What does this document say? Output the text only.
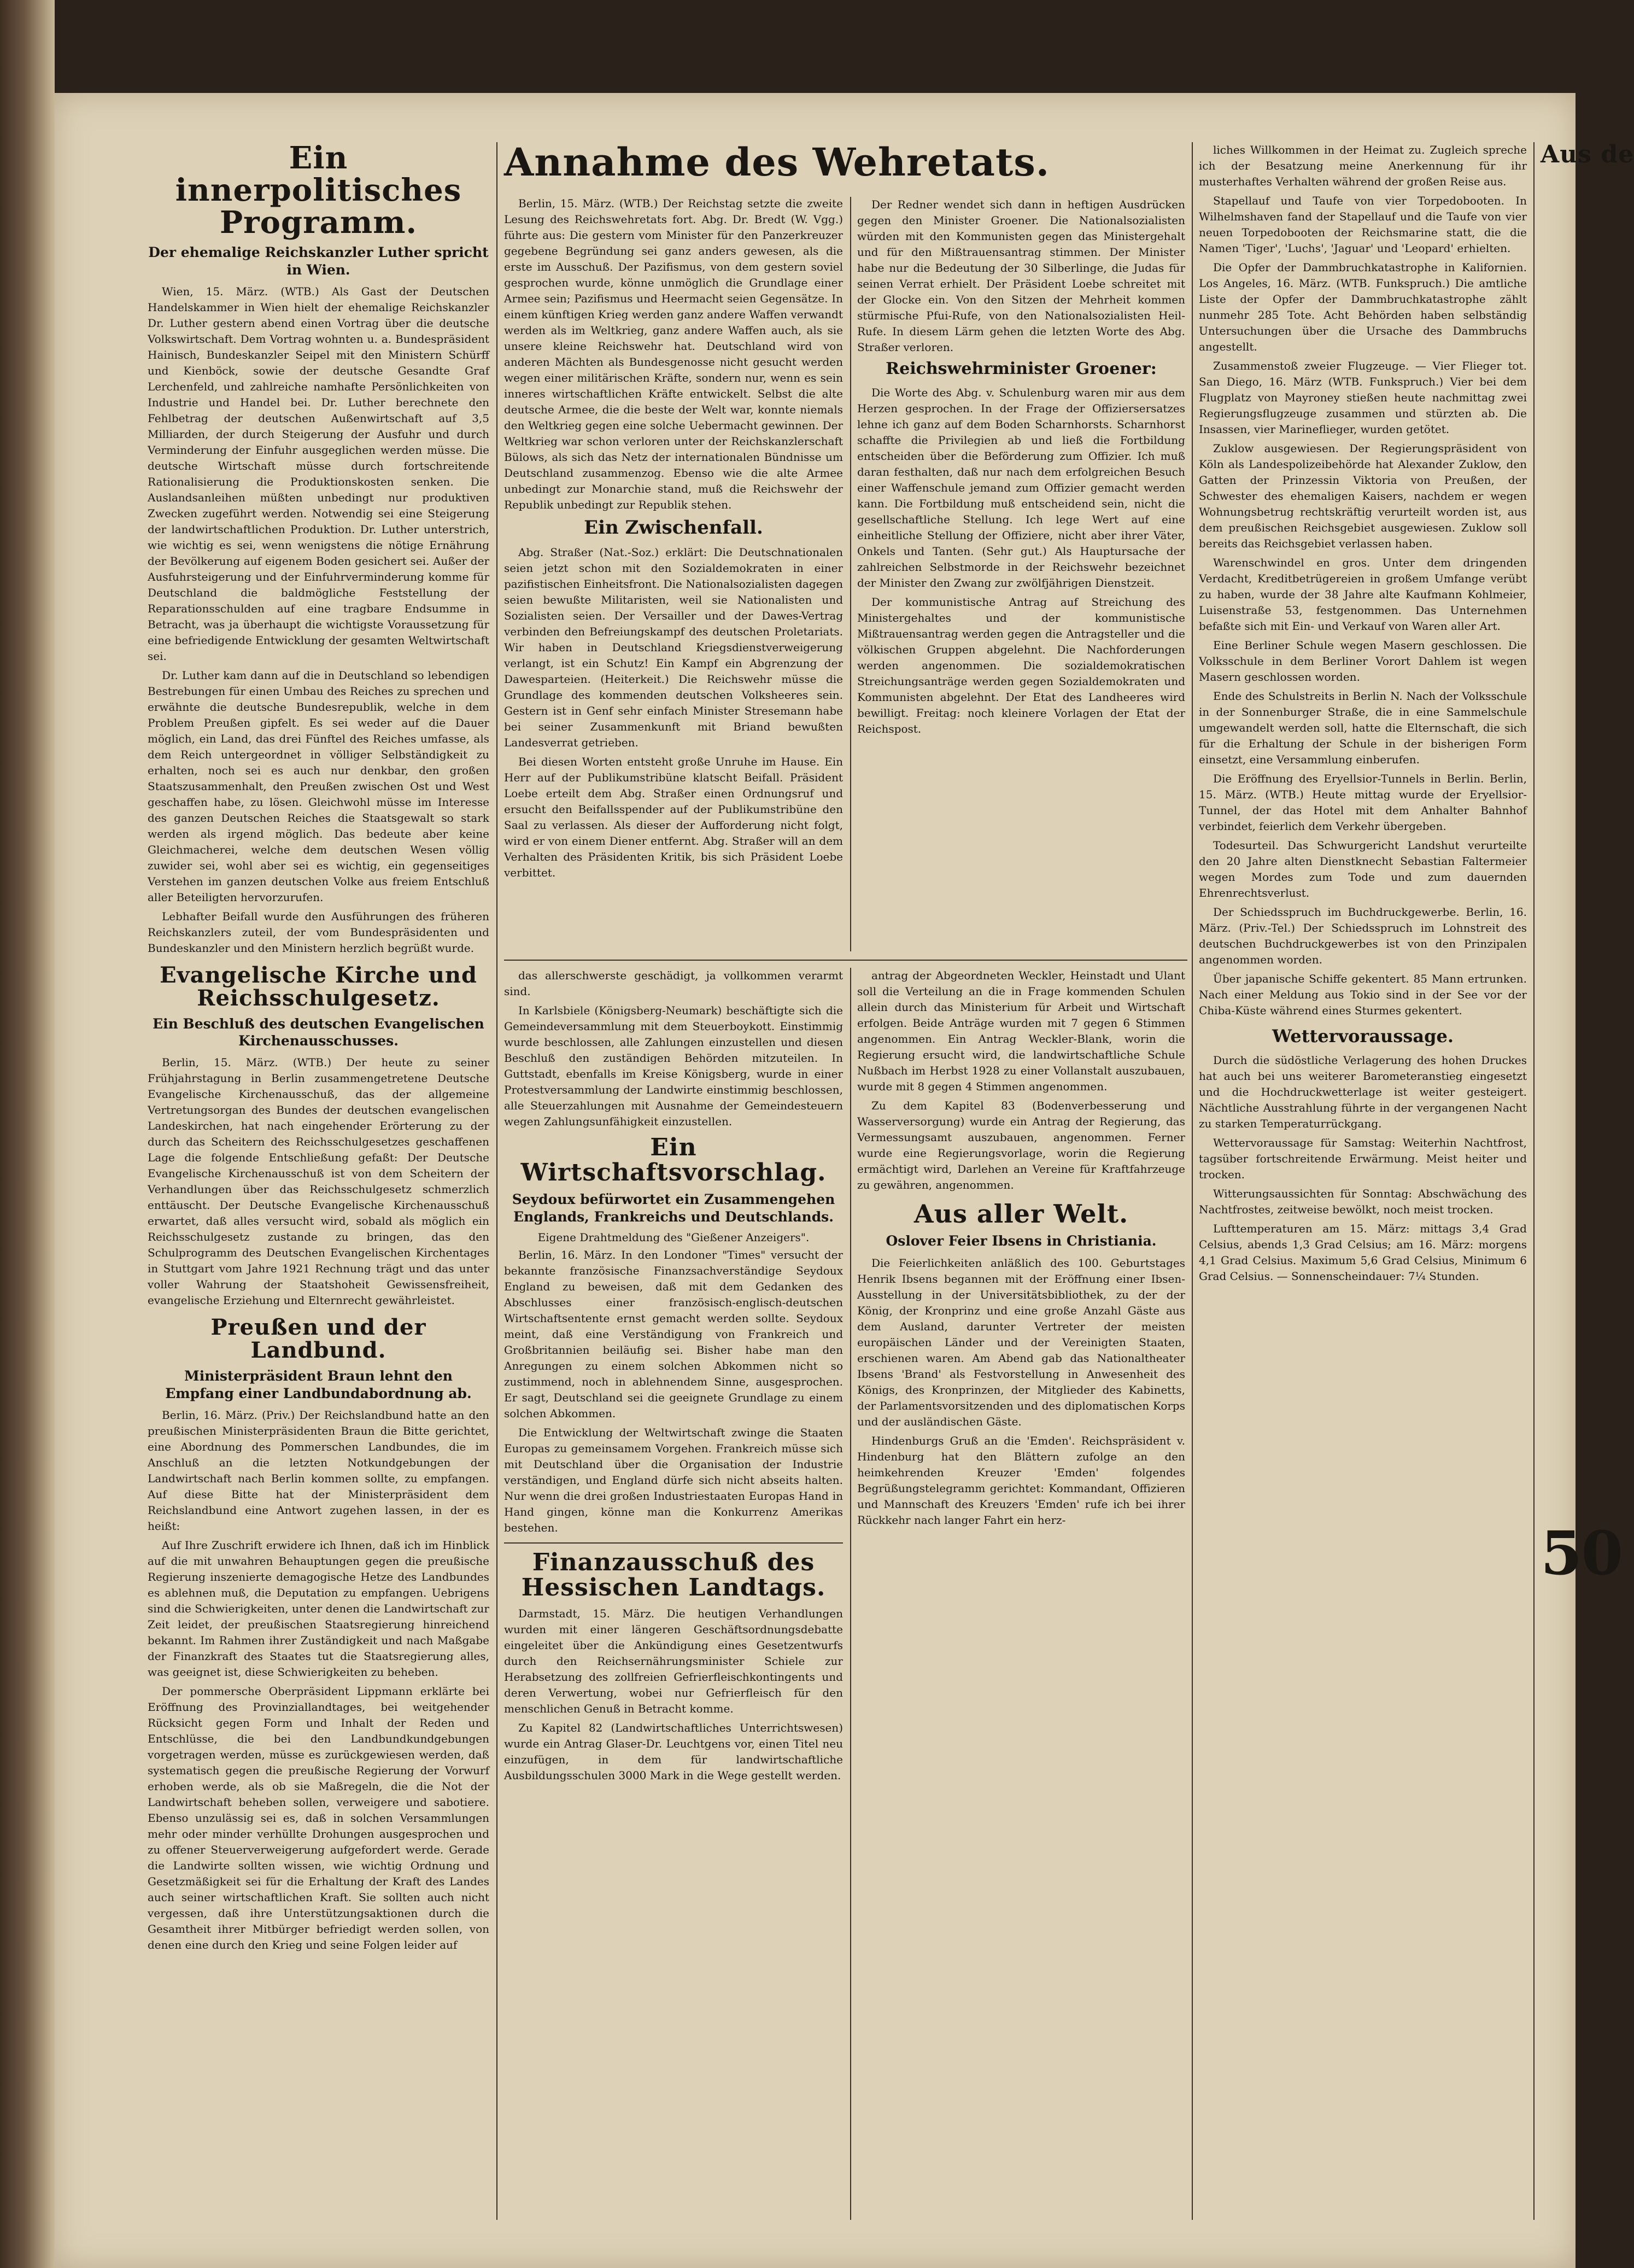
Ein innerpolitisches Programm.
Der ehemalige Reichskanzler Luther spricht in Wien.

Wien, 15. März. (WTB.) Als Gast der Deutschen Handelskammer in Wien hielt der ehemalige Reichskanzler Dr. Luther gestern abend einen Vortrag über die deutsche Volkswirtschaft. Dem Vortrag wohnten u. a. Bundespräsident Hainisch, Bundeskanzler Seipel mit den Ministern Schürff und Kienböck, sowie der deutsche Gesandte Graf Lerchenfeld, und zahlreiche namhafte Persönlichkeiten von Industrie und Handel bei. Dr. Luther berechnete den Fehlbetrag der deutschen Außenwirtschaft auf 3,5 Milliarden, der durch Steigerung der Ausfuhr und durch Verminderung der Einfuhr ausgeglichen werden müsse. Die deutsche Wirtschaft müsse durch fortschreitende Rationalisierung die Produktionskosten senken. Die Auslandsanleihen müßten unbedingt nur produktiven Zwecken zugeführt werden. Notwendig sei eine Steigerung der landwirtschaftlichen Produktion. Dr. Luther unterstrich, wie wichtig es sei, wenn wenigstens die nötige Ernährung der Bevölkerung auf eigenem Boden gesichert sei. Außer der Ausfuhrsteigerung und der Einfuhrverminderung komme für Deutschland die baldmögliche Feststellung der Reparationsschulden auf eine tragbare Endsumme in Betracht, was ja überhaupt die wichtigste Voraussetzung für eine befriedigende Entwicklung der gesamten Weltwirtschaft sei.

Dr. Luther kam dann auf die in Deutschland so lebendigen Bestrebungen für einen Umbau des Reiches zu sprechen und erwähnte die deutsche Bundesrepublik, welche in dem Problem Preußen gipfelt. Es sei weder auf die Dauer möglich, ein Land, das drei Fünftel des Reiches umfasse, als dem Reich untergeordnet in völliger Selbständigkeit zu erhalten, noch sei es auch nur denkbar, den großen Staatszusammenhalt, den Preußen zwischen Ost und West geschaffen habe, zu lösen. Gleichwohl müsse im Interesse des ganzen Deutschen Reiches die Staatsgewalt so stark werden als irgend möglich. Das bedeute aber keine Gleichmacherei, welche dem deutschen Wesen völlig zuwider sei, wohl aber sei es wichtig, ein gegenseitiges Verstehen im ganzen deutschen Volke aus freiem Entschluß aller Beteiligten hervorzurufen.

Lebhafter Beifall wurde den Ausführungen des früheren Reichskanzlers zuteil, der vom Bundespräsidenten und Bundeskanzler und den Ministern herzlich begrüßt wurde.

Evangelische Kirche und Reichsschulgesetz.
Ein Beschluß des deutschen Evangelischen Kirchenausschusses.

Berlin, 15. März. (WTB.) Der heute zu seiner Frühjahrstagung in Berlin zusammengetretene Deutsche Evangelische Kirchenausschuß, das der allgemeine Vertretungsorgan des Bundes der deutschen evangelischen Landeskirchen, hat nach eingehender Erörterung zu der durch das Scheitern des Reichsschulgesetzes geschaffenen Lage die folgende Entschließung gefaßt: Der Deutsche Evangelische Kirchenausschuß ist von dem Scheitern der Verhandlungen über das Reichsschulgesetz schmerzlich enttäuscht. Der Deutsche Evangelische Kirchenausschuß erwartet, daß alles versucht wird, sobald als möglich ein Reichsschulgesetz zustande zu bringen, das den Schulprogramm des Deutschen Evangelischen Kirchentages in Stuttgart vom Jahre 1921 Rechnung trägt und das unter voller Wahrung der Staatshoheit Gewissensfreiheit, evangelische Erziehung und Elternrecht gewährleistet.

Preußen und der Landbund.
Ministerpräsident Braun lehnt den Empfang einer Landbundabordnung ab.

Berlin, 16. März. (Priv.) Der Reichslandbund hatte an den preußischen Ministerpräsidenten Braun die Bitte gerichtet, eine Abordnung des Pommerschen Landbundes, die im Anschluß an die letzten Notkundgebungen der Landwirtschaft nach Berlin kommen sollte, zu empfangen. Auf diese Bitte hat der Ministerpräsident dem Reichslandbund eine Antwort zugehen lassen, in der es heißt:

Auf Ihre Zuschrift erwidere ich Ihnen, daß ich im Hinblick auf die mit unwahren Behauptungen gegen die preußische Regierung inszenierte demagogische Hetze des Landbundes es ablehnen muß, die Deputation zu empfangen. Uebrigens sind die Schwierigkeiten, unter denen die Landwirtschaft zur Zeit leidet, der preußischen Staatsregierung hinreichend bekannt. Im Rahmen ihrer Zuständigkeit und nach Maßgabe der Finanzkraft des Staates tut die Staatsregierung alles, was geeignet ist, diese Schwierigkeiten zu beheben.

Der pommersche Oberpräsident Lippmann erklärte bei Eröffnung des Provinziallandtages, bei weitgehender Rücksicht gegen Form und Inhalt der Reden und Entschlüsse, die bei den Landbundkundgebungen vorgetragen werden, müsse es zurückgewiesen werden, daß systematisch gegen die preußische Regierung der Vorwurf erhoben werde, als ob sie Maßregeln, die die Not der Landwirtschaft beheben sollen, verweigere und sabotiere. Ebenso unzulässig sei es, daß in solchen Versammlungen mehr oder minder verhüllte Drohungen ausgesprochen und zu offener Steuerverweigerung aufgefordert werde. Gerade die Landwirte sollten wissen, wie wichtig Ordnung und Gesetzmäßigkeit sei für die Erhaltung der Kraft des Landes auch seiner wirtschaftlichen Kraft. Sie sollten auch nicht vergessen, daß ihre Unterstützungsaktionen durch die Gesamtheit ihrer Mitbürger befriedigt werden sollen, von denen eine durch den Krieg und seine Folgen leider auf

Annahme des Wehretats.

Berlin, 15. März. (WTB.) Der Reichstag setzte die zweite Lesung des Reichswehretats fort. Abg. Dr. Bredt (W. Vgg.) führte aus: Die gestern vom Minister für den Panzerkreuzer gegebene Begründung sei ganz anders gewesen, als die erste im Ausschuß. Der Pazifismus, von dem gestern soviel gesprochen wurde, könne unmöglich die Grundlage einer Armee sein; Pazifismus und Heermacht seien Gegensätze. In einem künftigen Krieg werden ganz andere Waffen verwandt werden als im Weltkrieg, ganz andere Waffen auch, als sie unsere kleine Reichswehr hat. Deutschland wird von anderen Mächten als Bundesgenosse nicht gesucht werden wegen einer militärischen Kräfte, sondern nur, wenn es sein inneres wirtschaftlichen Kräfte entwickelt. Selbst die alte deutsche Armee, die die beste der Welt war, konnte niemals den Weltkrieg gegen eine solche Uebermacht gewinnen. Der Weltkrieg war schon verloren unter der Reichskanzlerschaft Bülows, als sich das Netz der internationalen Bündnisse um Deutschland zusammenzog. Ebenso wie die alte Armee unbedingt zur Monarchie stand, muß die Reichswehr der Republik unbedingt zur Republik stehen.

Ein Zwischenfall.

Abg. Straßer (Nat.-Soz.) erklärt: Die Deutschnationalen seien jetzt schon mit den Sozialdemokraten in einer pazifistischen Einheitsfront. Die Nationalsozialisten dagegen seien bewußte Militaristen, weil sie Nationalisten und Sozialisten seien. Der Versailler und der Dawes-Vertrag verbinden den Befreiungskampf des deutschen Proletariats. Wir haben in Deutschland Kriegsdienstverweigerung verlangt, ist ein Schutz! Ein Kampf ein Abgrenzung der Dawesparteien. (Heiterkeit.) Die Reichswehr müsse die Grundlage des kommenden deutschen Volksheeres sein. Gestern ist in Genf sehr einfach Minister Stresemann habe bei seiner Zusammenkunft mit Briand bewußten Landesverrat getrieben.

Bei diesen Worten entsteht große Unruhe im Hause. Ein Herr auf der Publikumstribüne klatscht Beifall. Präsident Loebe erteilt dem Abg. Straßer einen Ordnungsruf und ersucht den Beifallsspender auf der Publikumstribüne den Saal zu verlassen. Als dieser der Aufforderung nicht folgt, wird er von einem Diener entfernt. Abg. Straßer will an dem Verhalten des Präsidenten Kritik, bis sich Präsident Loebe verbittet.

Der Redner wendet sich dann in heftigen Ausdrücken gegen den Minister Groener. Die Nationalsozialisten würden mit den Kommunisten gegen das Ministergehalt und für den Mißtrauensantrag stimmen. Der Minister habe nur die Bedeutung der 30 Silberlinge, die Judas für seinen Verrat erhielt. Der Präsident Loebe schreitet mit der Glocke ein. Von den Sitzen der Mehrheit kommen stürmische Pfui-Rufe, von den Nationalsozialisten Heil-Rufe. In diesem Lärm gehen die letzten Worte des Abg. Straßer verloren.

Reichswehrminister Groener:

Die Worte des Abg. v. Schulenburg waren mir aus dem Herzen gesprochen. In der Frage der Offiziersersatzes lehne ich ganz auf dem Boden Scharnhorsts. Scharnhorst schaffte die Privilegien ab und ließ die Fortbildung entscheiden über die Beförderung zum Offizier. Ich muß daran festhalten, daß nur nach dem erfolgreichen Besuch einer Waffenschule jemand zum Offizier gemacht werden kann. Die Fortbildung muß entscheidend sein, nicht die gesellschaftliche Stellung. Ich lege Wert auf eine einheitliche Stellung der Offiziere, nicht aber ihrer Väter, Onkels und Tanten. (Sehr gut.) Als Hauptursache der zahlreichen Selbstmorde in der Reichswehr bezeichnet der Minister den Zwang zur zwölfjährigen Dienstzeit.

Der kommunistische Antrag auf Streichung des Ministergehaltes und der kommunistische Mißtrauensantrag werden gegen die Antragsteller und die völkischen Gruppen abgelehnt. Die Nachforderungen werden angenommen. Die sozialdemokratischen Streichungsanträge werden gegen Sozialdemokraten und Kommunisten abgelehnt. Der Etat des Landheeres wird bewilligt. Freitag: noch kleinere Vorlagen der Etat der Reichspost.

das allerschwerste geschädigt, ja vollkommen verarmt sind.

In Karlsbiele (Königsberg-Neumark) beschäftigte sich die Gemeindeversammlung mit dem Steuerboykott. Einstimmig wurde beschlossen, alle Zahlungen einzustellen und diesen Beschluß den zuständigen Behörden mitzuteilen. In Guttstadt, ebenfalls im Kreise Königsberg, wurde in einer Protestversammlung der Landwirte einstimmig beschlossen, alle Steuerzahlungen mit Ausnahme der Gemeindesteuern wegen Zahlungsunfähigkeit einzustellen.

Ein Wirtschaftsvorschlag.
Seydoux befürwortet ein Zusammengehen Englands, Frankreichs und Deutschlands.
Eigene Drahtmeldung des "Gießener Anzeigers".

Berlin, 16. März. In den Londoner "Times" versucht der bekannte französische Finanzsachverständige Seydoux England zu beweisen, daß mit dem Gedanken des Abschlusses einer französisch-englisch-deutschen Wirtschaftsentente ernst gemacht werden sollte. Seydoux meint, daß eine Verständigung von Frankreich und Großbritannien beiläufig sei. Bisher habe man den Anregungen zu einem solchen Abkommen nicht so zustimmend, noch in ablehnendem Sinne, ausgesprochen. Er sagt, Deutschland sei die geeignete Grundlage zu einem solchen Abkommen.

Die Entwicklung der Weltwirtschaft zwinge die Staaten Europas zu gemeinsamem Vorgehen. Frankreich müsse sich mit Deutschland über die Organisation der Industrie verständigen, und England dürfe sich nicht abseits halten. Nur wenn die drei großen Industriestaaten Europas Hand in Hand gingen, könne man die Konkurrenz Amerikas bestehen.

Finanzausschuß des Hessischen Landtags.

Darmstadt, 15. März. Die heutigen Verhandlungen wurden mit einer längeren Geschäftsordnungsdebatte eingeleitet über die Ankündigung eines Gesetzentwurfs durch den Reichsernährungsminister Schiele zur Herabsetzung des zollfreien Gefrierfleischkontingents und deren Verwertung, wobei nur Gefrierfleisch für den menschlichen Genuß in Betracht komme.

Zu Kapitel 82 (Landwirtschaftliches Unterrichtswesen) wurde ein Antrag Glaser-Dr. Leuchtgens vor, einen Titel neu einzufügen, in dem für landwirtschaftliche Ausbildungsschulen 3000 Mark in die Wege gestellt werden.

antrag der Abgeordneten Weckler, Heinstadt und Ulant soll die Verteilung an die in Frage kommenden Schulen allein durch das Ministerium für Arbeit und Wirtschaft erfolgen. Beide Anträge wurden mit 7 gegen 6 Stimmen angenommen. Ein Antrag Weckler-Blank, worin die Regierung ersucht wird, die landwirtschaftliche Schule Nußbach im Herbst 1928 zu einer Vollanstalt auszubauen, wurde mit 8 gegen 4 Stimmen angenommen.

Zu dem Kapitel 83 (Bodenverbesserung und Wasserversorgung) wurde ein Antrag der Regierung, das Vermessungsamt auszubauen, angenommen. Ferner wurde eine Regierungsvorlage, worin die Regierung ermächtigt wird, Darlehen an Vereine für Kraftfahrzeuge zu gewähren, angenommen.

Aus aller Welt.
Oslover Feier Ibsens in Christiania.

Die Feierlichkeiten anläßlich des 100. Geburtstages Henrik Ibsens begannen mit der Eröffnung einer Ibsen-Ausstellung in der Universitätsbibliothek, zu der der König, der Kronprinz und eine große Anzahl Gäste aus dem Ausland, darunter Vertreter der meisten europäischen Länder und der Vereinigten Staaten, erschienen waren. Am Abend gab das Nationaltheater Ibsens 'Brand' als Festvorstellung in Anwesenheit des Königs, des Kronprinzen, der Mitglieder des Kabinetts, der Parlamentsvorsitzenden und des diplomatischen Korps und der ausländischen Gäste.

Hindenburgs Gruß an die 'Emden'. Reichspräsident v. Hindenburg hat den Blättern zufolge an den heimkehrenden Kreuzer 'Emden' folgendes Begrüßungstelegramm gerichtet: Kommandant, Offizieren und Mannschaft des Kreuzers 'Emden' rufe ich bei ihrer Rückkehr nach langer Fahrt ein herz-

liches Willkommen in der Heimat zu. Zugleich spreche ich der Besatzung meine Anerkennung für ihr musterhaftes Verhalten während der großen Reise aus.

Stapellauf und Taufe von vier Torpedobooten. In Wilhelmshaven fand der Stapellauf und die Taufe von vier neuen Torpedobooten der Reichsmarine statt, die die Namen 'Tiger', 'Luchs', 'Jaguar' und 'Leopard' erhielten.

Die Opfer der Dammbruchkatastrophe in Kalifornien. Los Angeles, 16. März. (WTB. Funkspruch.) Die amtliche Liste der Opfer der Dammbruchkatastrophe zählt nunmehr 285 Tote. Acht Behörden haben selbständig Untersuchungen über die Ursache des Dammbruchs angestellt.

Zusammenstoß zweier Flugzeuge. — Vier Flieger tot. San Diego, 16. März (WTB. Funkspruch.) Vier bei dem Flugplatz von Mayroney stießen heute nachmittag zwei Regierungsflugzeuge zusammen und stürzten ab. Die Insassen, vier Marineflieger, wurden getötet.

Zuklow ausgewiesen. Der Regierungspräsident von Köln als Landespolizeibehörde hat Alexander Zuklow, den Gatten der Prinzessin Viktoria von Preußen, der Schwester des ehemaligen Kaisers, nachdem er wegen Wohnungsbetrug rechtskräftig verurteilt worden ist, aus dem preußischen Reichsgebiet ausgewiesen. Zuklow soll bereits das Reichsgebiet verlassen haben.

Warenschwindel en gros. Unter dem dringenden Verdacht, Kreditbetrügereien in großem Umfange verübt zu haben, wurde der 38 Jahre alte Kaufmann Kohlmeier, Luisenstraße 53, festgenommen. Das Unternehmen befaßte sich mit Ein- und Verkauf von Waren aller Art.

Eine Berliner Schule wegen Masern geschlossen. Die Volksschule in dem Berliner Vorort Dahlem ist wegen Masern geschlossen worden.

Ende des Schulstreits in Berlin N. Nach der Volksschule in der Sonnenburger Straße, die in eine Sammelschule umgewandelt werden soll, hatte die Elternschaft, die sich für die Erhaltung der Schule in der bisherigen Form einsetzt, eine Versammlung einberufen.

Die Eröffnung des Eryellsior-Tunnels in Berlin. Berlin, 15. März. (WTB.) Heute mittag wurde der Eryellsior-Tunnel, der das Hotel mit dem Anhalter Bahnhof verbindet, feierlich dem Verkehr übergeben.

Todesurteil. Das Schwurgericht Landshut verurteilte den 20 Jahre alten Dienstknecht Sebastian Faltermeier wegen Mordes zum Tode und zum dauernden Ehrenrechtsverlust.

Der Schiedsspruch im Buchdruckgewerbe. Berlin, 16. März. (Priv.-Tel.) Der Schiedsspruch im Lohnstreit des deutschen Buchdruckgewerbes ist von den Prinzipalen angenommen worden.

Über japanische Schiffe gekentert. 85 Mann ertrunken. Nach einer Meldung aus Tokio sind in der See vor der Chiba-Küste während eines Sturmes gekentert.

Wettervoraussage.

Durch die südöstliche Verlagerung des hohen Druckes hat auch bei uns weiterer Barometeranstieg eingesetzt und die Hochdruckwetterlage ist weiter gesteigert. Nächtliche Ausstrahlung führte in der vergangenen Nacht zu starken Temperaturrückgang.

Wettervoraussage für Samstag: Weiterhin Nachtfrost, tagsüber fortschreitende Erwärmung. Meist heiter und trocken.

Witterungsaussichten für Sonntag: Abschwächung des Nachtfrostes, zeitweise bewölkt, noch meist trocken.

Lufttemperaturen am 15. März: mittags 3,4 Grad Celsius, abends 1,3 Grad Celsius; am 16. März: morgens 4,1 Grad Celsius. Maximum 5,6 Grad Celsius, Minimum 6 Grad Celsius. — Sonnenscheindauer: 7¼ Stunden.

Aus de
50
